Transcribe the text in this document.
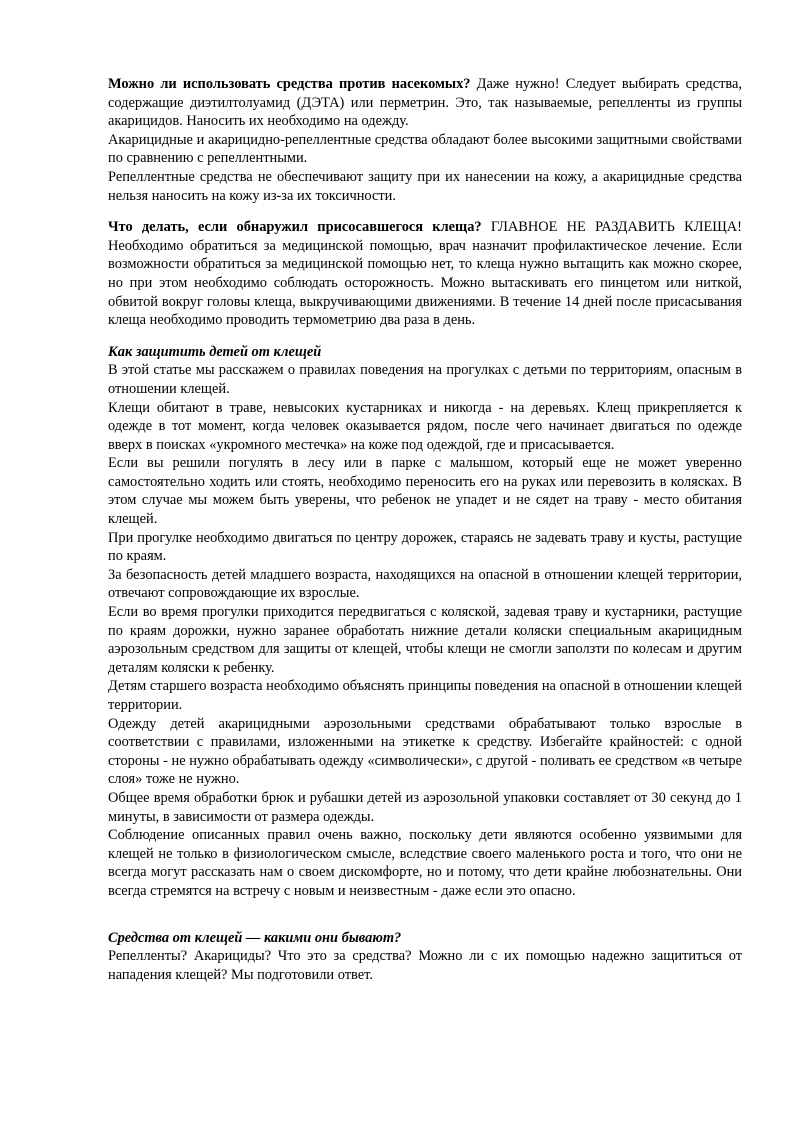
Можно ли использовать средства против насекомых? Даже нужно! Следует выбирать средства, содержащие диэтилтолуамид (ДЭТА) или перметрин. Это, так называемые, репелленты из группы акарицидов. Наносить их необходимо на одежду.

Акарицидные и акарицидно-репеллентные средства обладают более высокими защитными свойствами по сравнению с репеллентными.

Репеллентные средства не обеспечивают защиту при их нанесении на кожу, а акарицидные средства нельзя наносить на кожу из-за их токсичности.

Что делать, если обнаружил присосавшегося клеща? ГЛАВНОЕ НЕ РАЗДАВИТЬ КЛЕЩА! Необходимо обратиться за медицинской помощью, врач назначит профилактическое лечение. Если возможности обратиться за медицинской помощью нет, то клеща нужно вытащить как можно скорее, но при этом необходимо соблюдать осторожность. Можно вытаскивать его пинцетом или ниткой, обвитой вокруг головы клеща, выкручивающими движениями. В течение 14 дней после присасывания клеща необходимо проводить термометрию два раза в день.

Как защитить детей от клещей

В этой статье мы расскажем о правилах поведения на прогулках с детьми по территориям, опасным в отношении клещей.

Клещи обитают в траве, невысоких кустарниках и никогда - на деревьях. Клещ прикрепляется к одежде в тот момент, когда человек оказывается рядом, после чего начинает двигаться по одежде вверх в поисках «укромного местечка» на коже под одеждой, где и присасывается.

Если вы решили погулять в лесу или в парке с малышом, который еще не может уверенно самостоятельно ходить или стоять, необходимо переносить его на руках или перевозить в колясках. В этом случае мы можем быть уверены, что ребенок не упадет и не сядет на траву - место обитания клещей.

При прогулке необходимо двигаться по центру дорожек, стараясь не задевать траву и кусты, растущие по краям.

За безопасность детей младшего возраста, находящихся на опасной в отношении клещей территории, отвечают сопровождающие их взрослые.

Если во время прогулки приходится передвигаться с коляской, задевая траву и кустарники, растущие по краям дорожки, нужно заранее обработать нижние детали коляски специальным акарицидным аэрозольным средством для защиты от клещей, чтобы клещи не смогли заползти по колесам и другим деталям коляски к ребенку.

Детям старшего возраста необходимо объяснять принципы поведения на опасной в отношении клещей территории.

Одежду детей акарицидными аэрозольными средствами обрабатывают только взрослые в соответствии с правилами, изложенными на этикетке к средству. Избегайте крайностей: с одной стороны - не нужно обрабатывать одежду «символически», с другой - поливать ее средством «в четыре слоя» тоже не нужно.

Общее время обработки брюк и рубашки детей из аэрозольной упаковки составляет от 30 секунд до 1 минуты, в зависимости от размера одежды.

Соблюдение описанных правил очень важно, поскольку дети являются особенно уязвимыми для клещей не только в физиологическом смысле, вследствие своего маленького роста и того, что они не всегда могут рассказать нам о своем дискомфорте, но и потому, что дети крайне любознательны. Они всегда стремятся на встречу с новым и неизвестным - даже если это опасно.

Средства от клещей — какими они бывают?

Репелленты? Акарициды? Что это за средства? Можно ли с их помощью надежно защититься от нападения клещей? Мы подготовили ответ.
